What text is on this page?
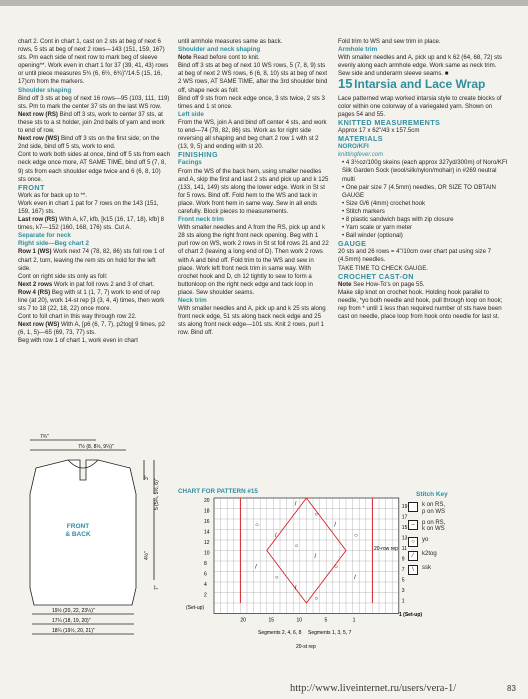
chart 2. Cont in chart 1, cast on 2 sts at beg of next 6 rows, 5 sts at beg of next 2 rows—143 (151, 159, 167) sts. Pm each side of next row to mark beg of sleeve opening**. Work even in chart 1 for 37 (39, 41, 43) rows or until piece measures 5¾ (6, 6½, 6¾)"/14.5 (15, 16, 17)cm from the markers.

Shoulder shaping

Bind off 3 sts at beg of next 16 rows—95 (103, 111, 119) sts. Pm to mark the center 37 sts on the last WS row.

Next row (RS) Bind off 3 sts, work to center 37 sts, at these sts to a st holder, join 2nd balls of yarn and work to end of row.

Next row (WS) Bind off 3 sts on the first side; on the 2nd side, bind off 5 sts, work to end.

Cont to work both sides at once, bind off 5 sts from each neck edge once more, AT SAME TIME, bind off 5 (7, 8, 9) sts from each shoulder edge twice and 6 (6, 8, 10) sts once.

FRONT

Work as for back up to **.

Work even in chart 1 pat for 7 rows on the 143 (151, 159, 167) sts.

Last row (RS) With A, k7, kfb, [k15 (16, 17, 18), kfb] 8 times, k7—152 (160, 168, 176) sts. Cut A.

Separate for neck

Right side—Beg chart 2

Row 1 (WS) Work next 74 (78, 82, 86) sts foll row 1 of chart 2, turn, leaving the rem sts on hold for the left side.

Cont on right side sts only as foll:

Next 2 rows Work in pat foll rows 2 and 3 of chart.

Row 4 (RS) Beg with st 1 (1, 7, 7) work to end of rep line (at 20), work 14-st rep [3 (3, 4, 4) times, then work sts 7 to 18 (22, 18, 22) once more.

Cont to foll chart in this way through row 22.

Next row (WS) With A, [p6 (6, 7, 7), p2tog] 9 times, p2 (6, 1, 5)—65 (69, 73, 77) sts.

Beg with row 1 of chart 1, work even in chart

until armhole measures same as back.

Shoulder and neck shaping

Note Read before cont to knit.

Bind off 3 sts at beg of next 10 WS rows, 5 (7, 8, 9) sts at beg of next 2 WS rows, 6 (6, 8, 10) sts at beg of next 2 WS rows, AT SAME TIME, after the 3rd shoulder bind off, shape neck as foll:

Bind off 9 sts from neck edge once, 3 sts twice, 2 sts 3 times and 1 st once.

Left side

From the WS, join A and bind off center 4 sts, and work to end—74 (78, 82, 86) sts. Work as for right side reversing all shaping and beg chart 2 row 1 with st 2 (13, 9, 5) and ending with st 20.

FINISHING

Facings

From the WS of the back hem, using smaller needles and A, skip the first and last 2 sts and pick up and k 125 (133, 141, 149) sts along the lower edge. Work in St st for 5 rows. Bind off. Fold hem to the WS and tack in place. Work front hem in same way. Sew in all ends carefully. Block pieces to measurements.

Front neck trim

With smaller needles and A from the RS, pick up and k 28 sts along the right front neck opening. Beg with 1 purl row on WS, work 2 rows in St st foll rows 21 and 22 of chart 2 (leaving a long end of D). Then work 2 rows with A and bind off. Fold trim to the WS and sew in place. Work left front neck trim in same way. With crochet hook and D, ch 12 tightly to sew to form a buttonloop on the right neck edge and tack loop in place. Sew shoulder seams.

Neck trim

With smaller needles and A, pick up and k 25 sts along front neck edge, 51 sts along back neck edge and 25 sts along front neck edge—101 sts. Knit 2 rows, purl 1 row. Bind off.

Fold trim to WS and sew trim in place.

Armhole trim

With smaller needles and A, pick up and k 62 (64, 68, 72) sts evenly along each armhole edge. Work same as neck trim.

Sew side and underarm sleeve seams. ■

15 Intarsia and Lace Wrap

Lace patterned wrap worked intarsia style to create blocks of color within one colorway of a variegated yarn. Shown on pages 54 and 55.

KNITTED MEASUREMENTS

Approx 17 x 62"/43 x 157.5cm

MATERIALS

NORO/KFI
knittingfever.com

• 4 3½oz/100g skeins (each approx 327yd/300m) of Noro/KFI Silk Garden Sock (wool/silk/nylon/mohair) in #269 neutral multi

• One pair size 7 (4.5mm) needles, OR SIZE TO OBTAIN GAUGE

• Size G/6 (4mm) crochet hook

• Stitch markers

• 8 plastic sandwich bags with zip closure

• Yarn scale or yarn meter

• Ball winder (optional)

GAUGE

20 sts and 26 rows = 4"/10cm over chart pat using size 7 (4.5mm) needles.

TAKE TIME TO CHECK GAUGE.

CROCHET CAST-ON

Note See How-To's on page 55.

Make slip knot on crochet hook. Holding hook parallel to needle, *yo both needle and hook, pull through loop on hook; rep from * until 1 less than required number of sts have been cast on needle, place loop from hook onto needle for last st.

FRONT & BACK
7¾"
7½ (8, 8½, 9¼)"
3"
5 (5¼, 5½, 6)"
4½"
7"
19½ (20, 22, 23¼)"
17¼ (18, 19, 20)"
18¼ (19½, 20, 21)"
CHART FOR PATTERN #15
/
○
○	/
/	○
○
/
/	○
○	/
/
○
20
18
16
14
12
10
8
6
4
2
19
17
15
13
11
9
7
5
3
1
20	15	10	5	1
(Set-up)
1 (Set-up)
20-row rep
Segments 2, 4, 6, 8 Segments 1, 3, 5, 7
20-st rep
Stitch Key
k on RS,
p on WS
–	p on RS,
k on WS
○	yo
⁄	k2tog
\	ssk
http://www.liveinternet.ru/users/vera-1/	83
